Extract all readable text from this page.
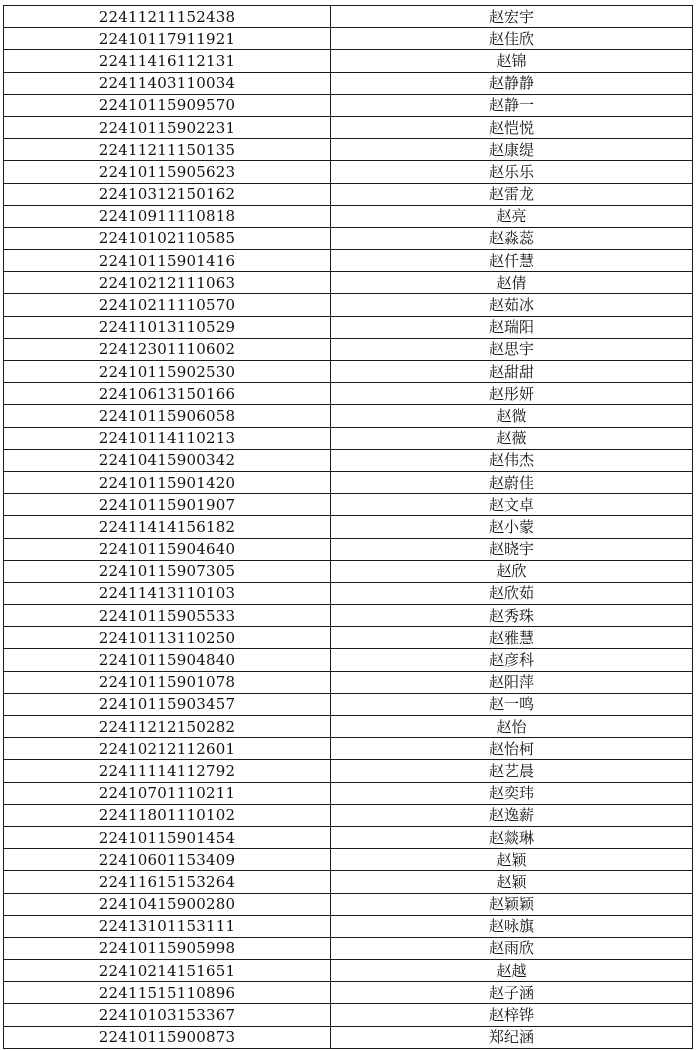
22411211152438	赵宏宇
22410117911921	赵佳欣
22411416112131	赵锦
22411403110034	赵静静
22410115909570	赵静一
22410115902231	赵恺悦
22411211150135	赵康缇
22410115905623	赵乐乐
22410312150162	赵雷龙
22410911110818	赵亮
22410102110585	赵淼蕊
22410115901416	赵仟慧
22410212111063	赵倩
22410211110570	赵茹冰
22411013110529	赵瑞阳
22412301110602	赵思宇
22410115902530	赵甜甜
22410613150166	赵彤妍
22410115906058	赵微
22410114110213	赵薇
22410415900342	赵伟杰
22410115901420	赵蔚佳
22410115901907	赵文卓
22411414156182	赵小蒙
22410115904640	赵晓宇
22410115907305	赵欣
22411413110103	赵欣茹
22410115905533	赵秀珠
22410113110250	赵雅慧
22410115904840	赵彦科
22410115901078	赵阳萍
22410115903457	赵一鸣
22411212150282	赵怡
22410212112601	赵怡柯
22411114112792	赵艺晨
22410701110211	赵奕玮
22411801110102	赵逸薪
22410115901454	赵燚琳
22410601153409	赵颖
22411615153264	赵颖
22410415900280	赵颖颖
22413101153111	赵咏旗
22410115905998	赵雨欣
22410214151651	赵越
22411515110896	赵子涵
22410103153367	赵梓铧
22410115900873	郑纪涵
